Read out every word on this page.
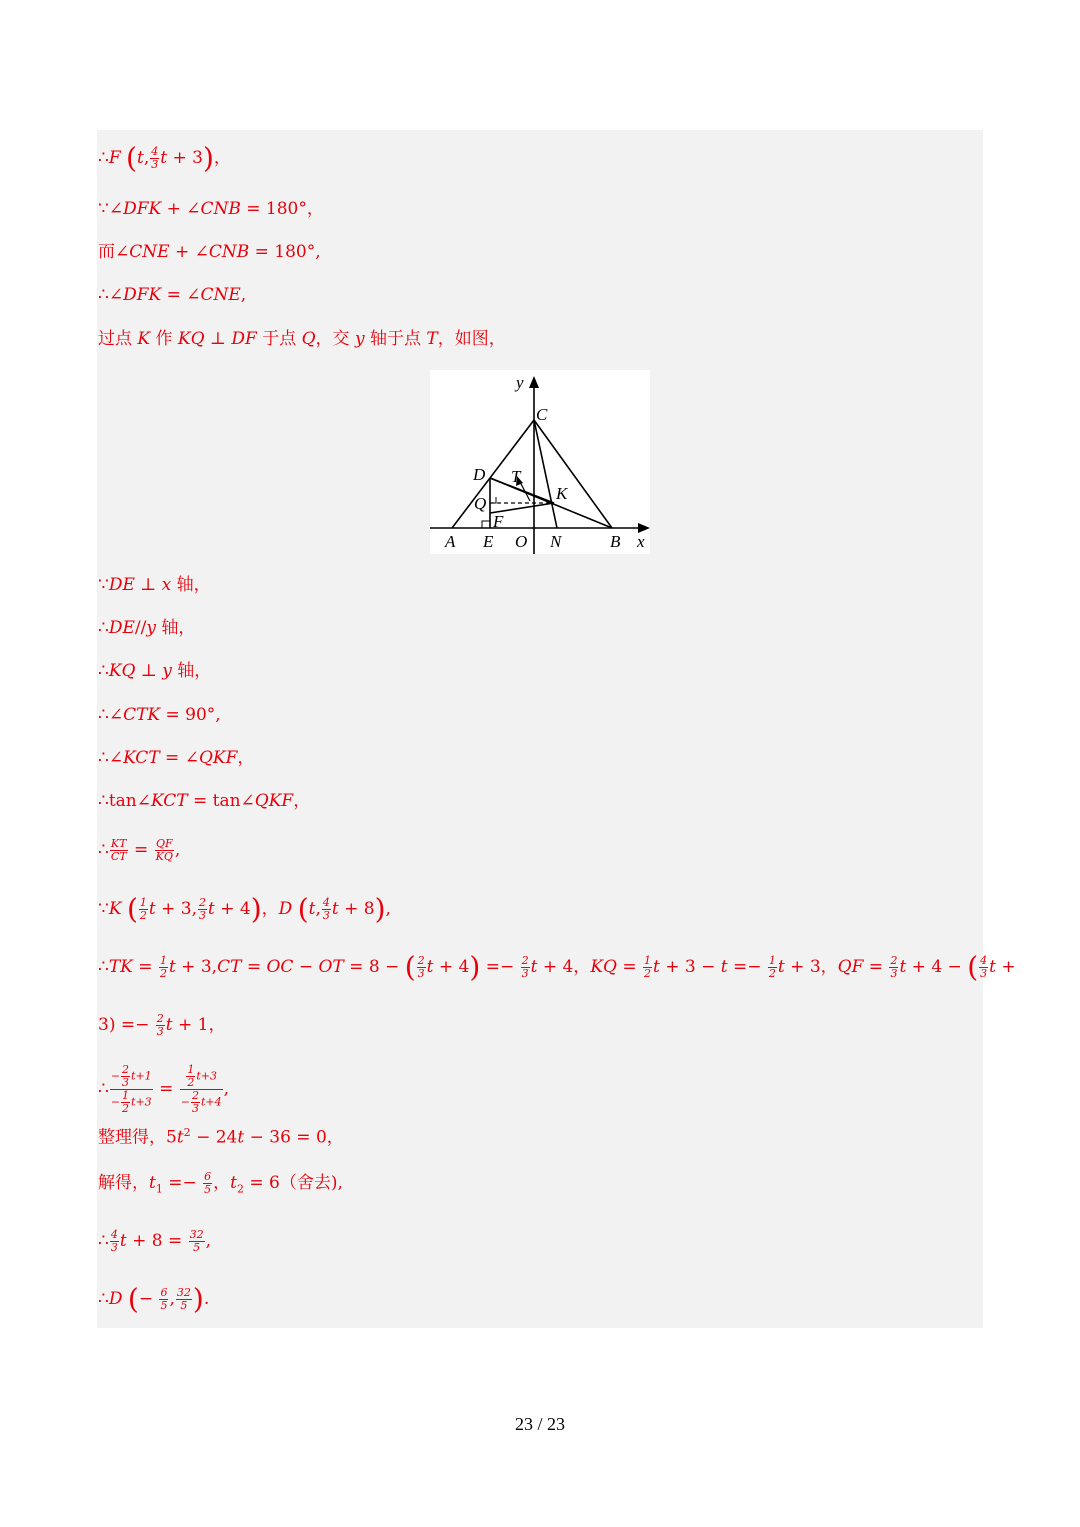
∴F (t, $\frac{4}{3}$ t + 3)，
∵∠DFK + ∠CNB = 180°，
而∠CNE + ∠CNB = 180°,
∴∠DFK = ∠CNE,
过点 K 作 KQ ⊥ DF 于点 Q，交 y 轴于点 T，如图，
y
C
D T
K
Q
F
A E O N	B x
∵DE ⊥ x 轴，
∴DE//y 轴，
∴KQ ⊥ y 轴，
∴∠CTK = 90°,
∴∠KCT = ∠QKF，
∴tan∠KCT = tan∠QKF，
∴ $\frac{KT}{CT} = \frac{QF}{KQ}$ ,
∵K ( $\frac{1}{2}$ t + 3, $\frac{2}{3}$ t + 4)，D (t, $\frac{4}{3}$ t + 8),
∴TK = $\frac{1}{2}$ t + 3,CT = OC − OT = 8 − ( $\frac{2}{3}$ $t + 4) =- \frac{2}{3}$ t + 4，KQ = $\frac{1}{2}$ $t + 3 - t =- \frac{1}{2}$ t + 3，QF = $\frac{2}{3}$ t + 4 − ( $\frac{4}{3}$ t +
$3) =- \frac{2}{3}$ t + 1，
∴ $\frac{- \frac{2}{3} t+1}{- \frac{1}{2} t+3} = \frac{\frac{1}{2} t+3}{- \frac{2}{3} t+4}$ ,
整理得，$5t^2 - 24t - 36 = 0$，
解得，$t_1 =- \frac{6}{5}$ ，$t_2 = 6$（舍去),
∴ $\frac{4}{3}$ $t + 8 = \frac{32}{5}$ ,
∴D (− $\frac{6}{5}$ , $\frac{32}{5}$ ).
23 / 23
